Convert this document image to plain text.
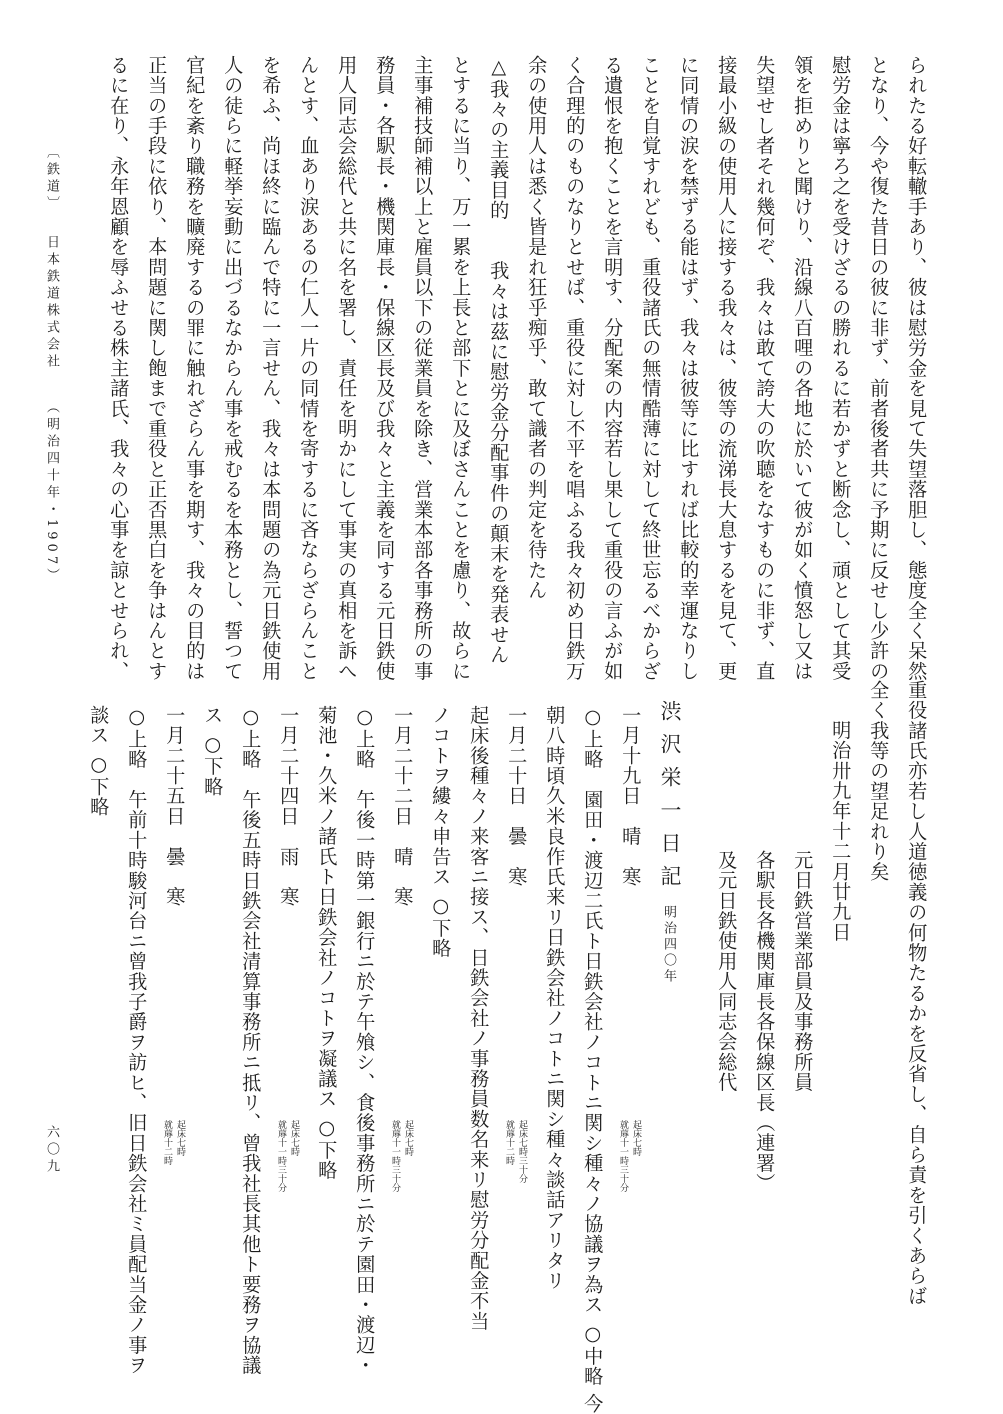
られたる好転轍手あり、彼は慰労金を見て失望落胆し、態度全く呆然
となり、今や復た昔日の彼に非ず、前者後者共に予期に反せし少許の
慰労金は寧ろ之を受けざるの勝れるに若かずと断念し、頑として其受
領を拒めりと聞けり、沿線八百哩の各地に於いて彼が如く憤怒し又は
失望せし者それ幾何ぞ、我々は敢て誇大の吹聴をなすものに非ず、直
接最小級の使用人に接する我々は、彼等の流涕長大息するを見て、更
に同情の涙を禁ずる能はず、我々は彼等に比すれば比較的幸運なりし
ことを自覚すれども、重役諸氏の無情酷薄に対して終世忘るべからざ
る遺恨を抱くことを言明す、分配案の内容若し果して重役の言ふが如
く合理的のものなりとせば、重役に対し不平を唱ふる我々初め日鉄万
余の使用人は悉く皆是れ狂乎痴乎、敢て識者の判定を待たん
△我々の主義目的　　我々は茲に慰労金分配事件の顛末を発表せん
とするに当り、万一累を上長と部下とに及ぼさんことを慮り、故らに
主事補技師補以上と雇員以下の従業員を除き、営業本部各事務所の事
務員・各駅長・機関庫長・保線区長及び我々と主義を同する元日鉄使
用人同志会総代と共に名を署し、責任を明かにして事実の真相を訴へ
んとす、血あり涙あるの仁人一片の同情を寄するに吝ならざらんこと
を希ふ、尚ほ終に臨んで特に一言せん、我々は本問題の為元日鉄使用
人の徒らに軽挙妄動に出づるなからん事を戒むるを本務とし、誓つて
官紀を紊り職務を曠廃するの罪に触れざらん事を期す、我々の目的は
正当の手段に依り、本問題に関し飽まで重役と正否黒白を争はんとす
るに在り、永年恩顧を辱ふせる株主諸氏、我々の心事を諒とせられ、
重役諸氏亦若し人道徳義の何物たるかを反省し、自ら責を引くあらば
全く我等の望足れり矣
明治卅九年十二月廿九日
元日鉄営業部員及事務所員
各駅長各機関庫長各保線区長（連署）
及元日鉄使用人同志会総代
渋沢栄一日記
明治四〇年
一月十九日　晴　寒
起床七時
就蓐十一時三十分
○上略　園田・渡辺二氏ト日鉄会社ノコトニ関シ種々ノ協議ヲ為ス ○中略 今
朝八時頃久米良作氏来リ日鉄会社ノコトニ関シ種々談話アリタリ
一月二十日　曇　寒
起床七時三十分
就蓐十二時
起床後種々ノ来客ニ接ス、日鉄会社ノ事務員数名来リ慰労分配金不当
ノコトヲ縷々申告ス ○下略
一月二十二日　晴　寒
起床七時
就蓐十一時三十分
○上略　午後一時第一銀行ニ於テ午飧シ、食後事務所ニ於テ園田・渡辺・
菊池・久米ノ諸氏ト日鉄会社ノコトヲ凝議ス ○下略
一月二十四日　雨　寒
起床七時
就蓐十一時三十分
○上略　午後五時日鉄会社清算事務所ニ抵リ、曾我社長其他ト要務ヲ協議
ス ○下略
一月二十五日　曇　寒
起床七時
就蓐十二時
○上略　午前十時駿河台ニ曾我子爵ヲ訪ヒ、旧日鉄会社ミ員配当金ノ事ヲ
談ス ○下略
〔鉄道〕
日本鉄道株式会社
（明治四十年・1907）
六〇九
